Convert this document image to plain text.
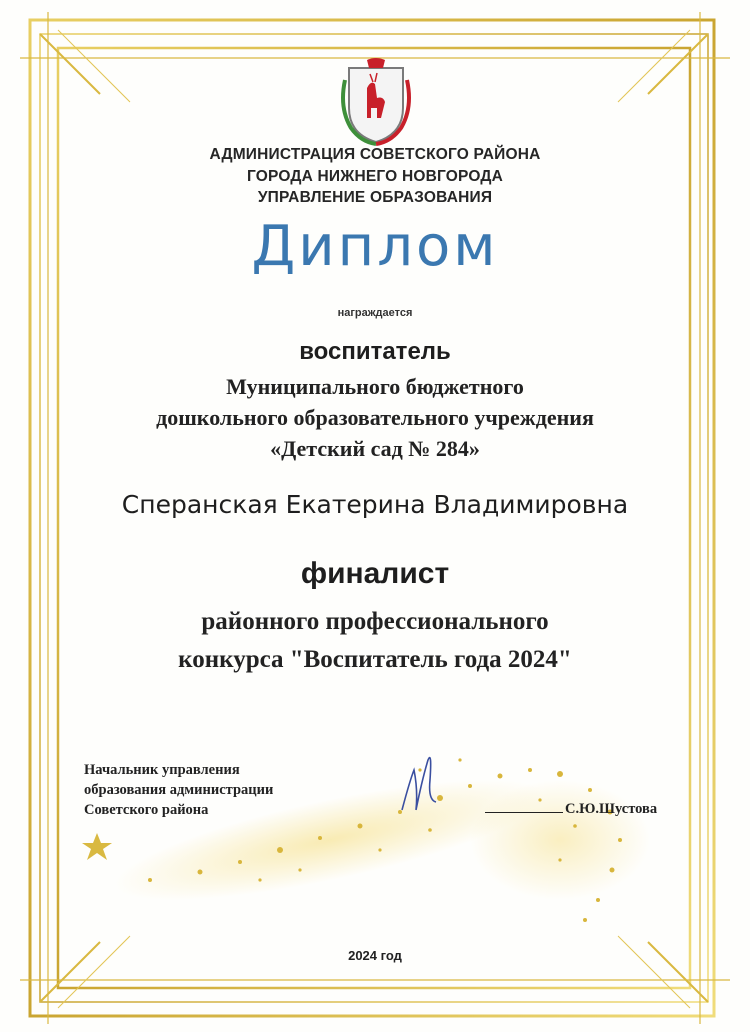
АДМИНИСТРАЦИЯ СОВЕТСКОГО РАЙОНА
ГОРОДА НИЖНЕГО НОВГОРОДА
УПРАВЛЕНИЕ ОБРАЗОВАНИЯ
Диплом
награждается
воспитатель
Муниципального бюджетного
дошкольного образовательного учреждения
«Детский сад № 284»
Сперанская Екатерина Владимировна
финалист
районного профессионального
конкурса "Воспитатель года 2024"
Начальник управления
образования администрации
Советского района	С.Ю.Шустова
2024 год
